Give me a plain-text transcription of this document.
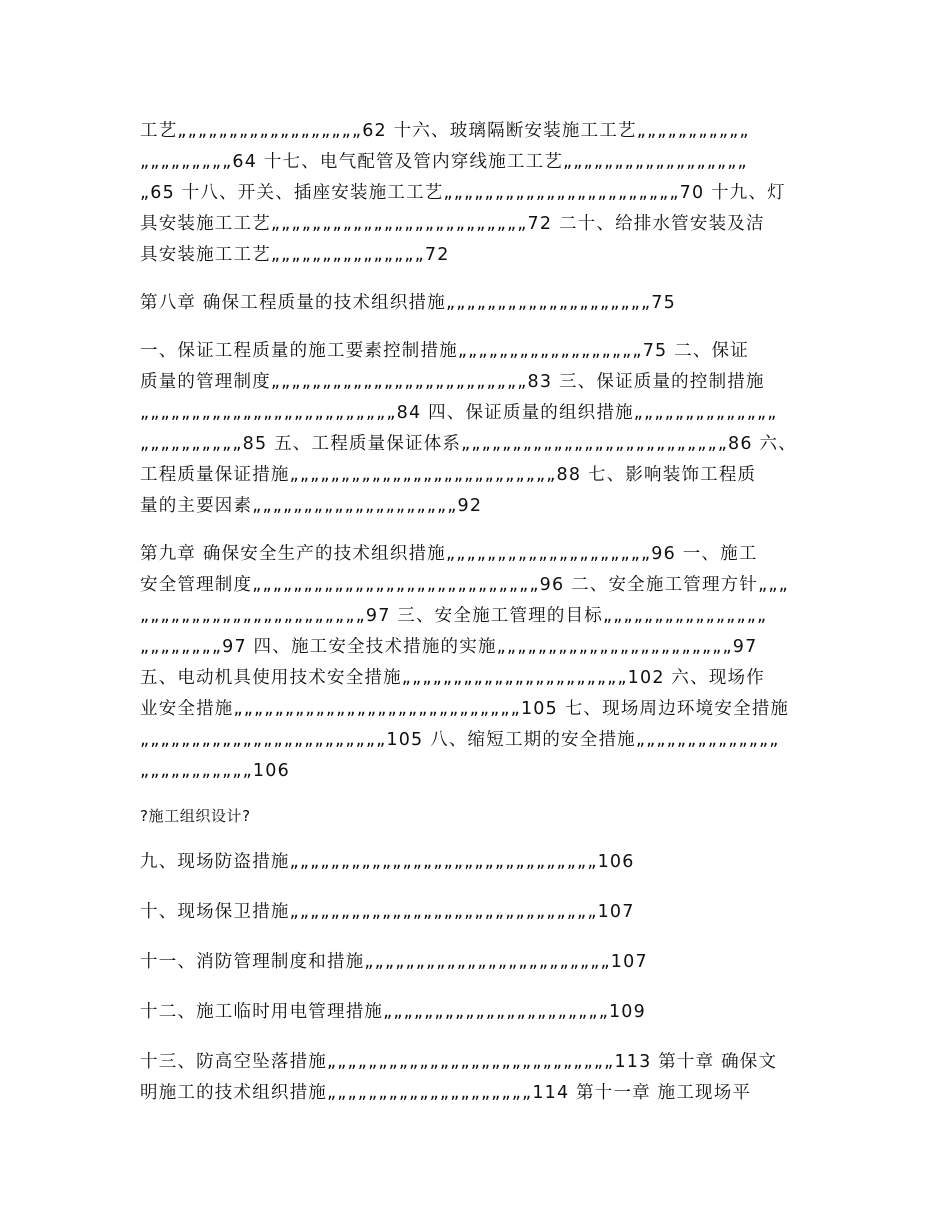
工艺„„„„„„„„„„„„„„„„„„62 十六、玻璃隔断安装施工工艺„„„„„„„„„„„
„„„„„„„„„64 十七、电气配管及管内穿线施工工艺„„„„„„„„„„„„„„„„„„
„65 十八、开关、插座安装施工工艺„„„„„„„„„„„„„„„„„„„„„„„70 十九、灯
具安装施工工艺„„„„„„„„„„„„„„„„„„„„„„„„„72 二十、给排水管安装及洁
具安装施工工艺„„„„„„„„„„„„„„„72

第八章 确保工程质量的技术组织措施„„„„„„„„„„„„„„„„„„„„75

一、保证工程质量的施工要素控制措施„„„„„„„„„„„„„„„„„„75 二、保证
质量的管理制度„„„„„„„„„„„„„„„„„„„„„„„„„83 三、保证质量的控制措施
„„„„„„„„„„„„„„„„„„„„„„„„„84 四、保证质量的组织措施„„„„„„„„„„„„„„
„„„„„„„„„„85 五、工程质量保证体系„„„„„„„„„„„„„„„„„„„„„„„„„„86 六、
工程质量保证措施„„„„„„„„„„„„„„„„„„„„„„„„„„88 七、影响装饰工程质
量的主要因素„„„„„„„„„„„„„„„„„„„„92

第九章 确保安全生产的技术组织措施„„„„„„„„„„„„„„„„„„„„96 一、施工
安全管理制度„„„„„„„„„„„„„„„„„„„„„„„„„„„„96 二、安全施工管理方针„„„
„„„„„„„„„„„„„„„„„„„„„„97 三、安全施工管理的目标„„„„„„„„„„„„„„„„
„„„„„„„„97 四、施工安全技术措施的实施„„„„„„„„„„„„„„„„„„„„„„„97
五、电动机具使用技术安全措施„„„„„„„„„„„„„„„„„„„„„„102 六、现场作
业安全措施„„„„„„„„„„„„„„„„„„„„„„„„„„„„105 七、现场周边环境安全措施
„„„„„„„„„„„„„„„„„„„„„„„„105 八、缩短工期的安全措施„„„„„„„„„„„„„„
„„„„„„„„„„„106

?施工组织设计?

九、现场防盗措施„„„„„„„„„„„„„„„„„„„„„„„„„„„„„„106

十、现场保卫措施„„„„„„„„„„„„„„„„„„„„„„„„„„„„„„107

十一、消防管理制度和措施„„„„„„„„„„„„„„„„„„„„„„„„107

十二、施工临时用电管理措施„„„„„„„„„„„„„„„„„„„„„„109

十三、防高空坠落措施„„„„„„„„„„„„„„„„„„„„„„„„„„„„113 第十章 确保文
明施工的技术组织措施„„„„„„„„„„„„„„„„„„„„114 第十一章 施工现场平
